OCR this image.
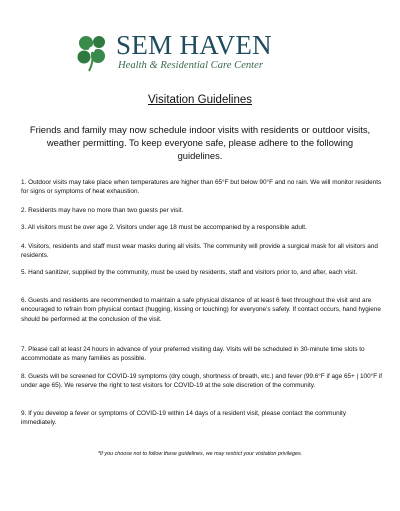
SEM HAVEN
Health & Residential Care Center
Visitation Guidelines
Friends and family may now schedule indoor visits with residents or outdoor visits, weather permitting. To keep everyone safe, please adhere to the following guidelines.
1. Outdoor visits may take place when temperatures are higher than 65°F but below 90°F and no rain. We will monitor residents for signs or symptoms of heat exhaustion.
2. Residents may have no more than two guests per visit.
3. All visitors must be over age 2. Visitors under age 18 must be accompanied by a responsible adult.
4. Visitors, residents and staff must wear masks during all visits. The community will provide a surgical mask for all visitors and residents.
5. Hand sanitizer, supplied by the community, must be used by residents, staff and visitors prior to, and after, each visit.
6. Guests and residents are recommended to maintain a safe physical distance of at least 6 feet throughout the visit and are encouraged to refrain from physical contact (hugging, kissing or touching) for everyone's safety. If contact occurs, hand hygiene should be performed at the conclusion of the visit.
7. Please call at least 24 hours in advance of your preferred visiting day. Visits will be scheduled in 30-minute time slots to accommodate as many families as possible.
8. Guests will be screened for COVID-19 symptoms (dry cough, shortness of breath, etc.) and fever (99.6°F if age 65+ | 100°F if under age 65). We reserve the right to test visitors for COVID-19 at the sole discretion of the community.
9. If you develop a fever or symptoms of COVID-19 within 14 days of a resident visit, please contact the community immediately.
*If you choose not to follow these guidelines, we may restrict your visitation privileges.
